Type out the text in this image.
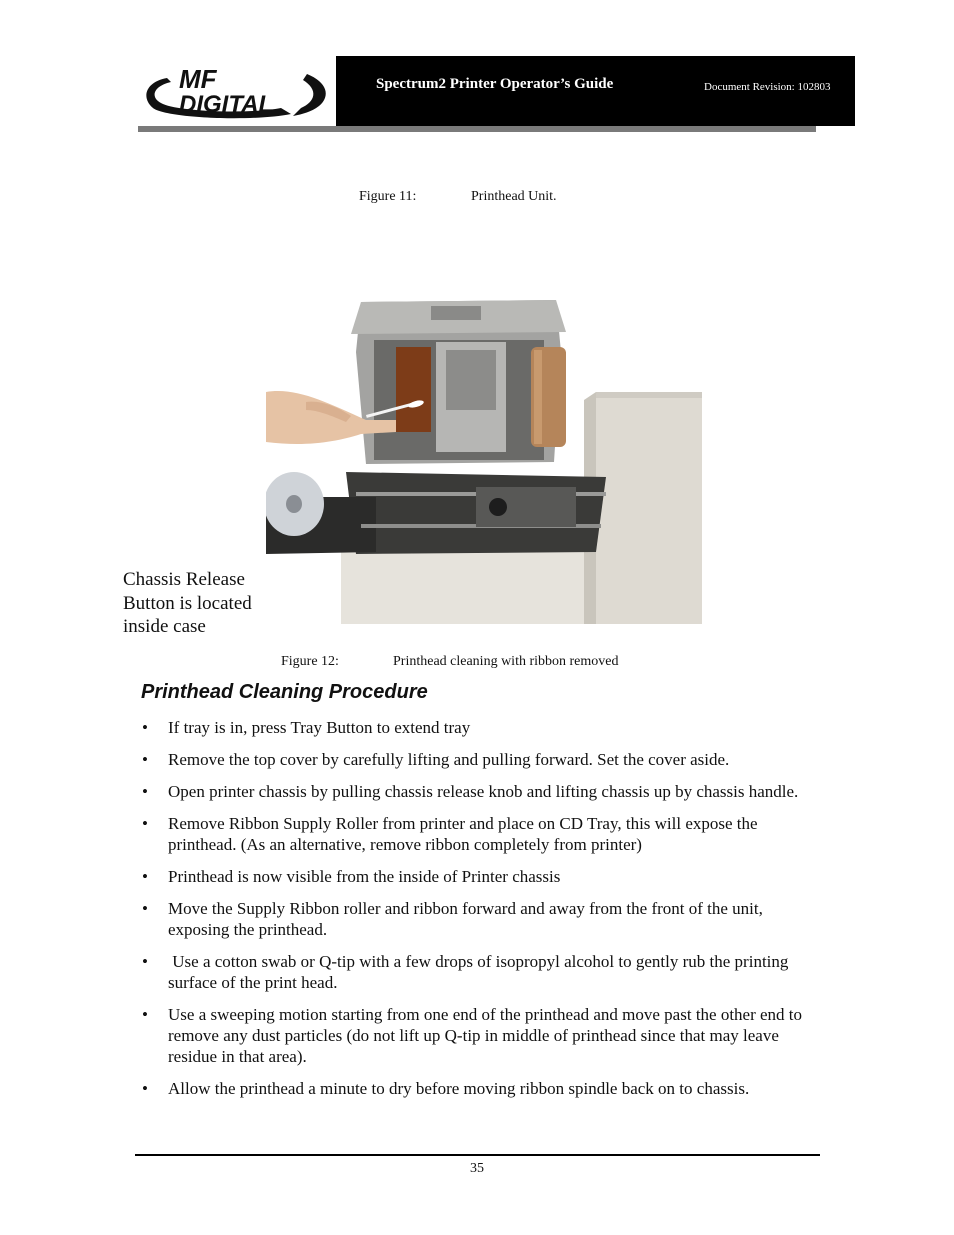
MF
DIGITAL
Spectrum2 Printer Operator’s Guide	Document Revision: 102803
Figure 11:	Printhead Unit.
Chassis Release Button is located inside case
Figure 12:	Printhead cleaning with ribbon removed
Printhead Cleaning Procedure
• If tray is in, press Tray Button to extend tray
• Remove the top cover by carefully lifting and pulling forward. Set the cover aside.
• Open printer chassis by pulling chassis release knob and lifting chassis up by chassis handle.
• Remove Ribbon Supply Roller from printer and place on CD Tray, this will expose the printhead. (As an alternative, remove ribbon completely from printer)
• Printhead is now visible from the inside of Printer chassis
• Move the Supply Ribbon roller and ribbon forward and away from the front of the unit, exposing the printhead.
• Use a cotton swab or Q-tip with a few drops of isopropyl alcohol to gently rub the printing surface of the print head.
• Use a sweeping motion starting from one end of the printhead and move past the other end to remove any dust particles (do not lift up Q-tip in middle of printhead since that may leave residue in that area).
• Allow the printhead a minute to dry before moving ribbon spindle back on to chassis.
35
